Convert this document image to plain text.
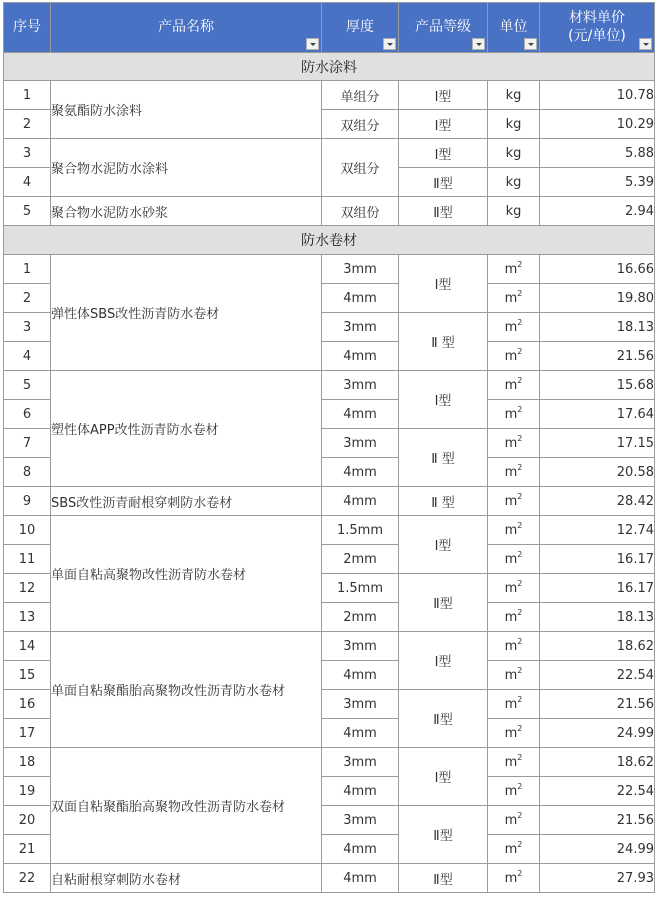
序号	产品名称	厚度	产品等级	单位	材料单价
(元/单位)

防水涂料					
1	聚氨酯防水涂料	单组分	Ⅰ型	kg	10.78
2		双组分	Ⅰ型	kg	10.29
3	聚合物水泥防水涂料	双组分	Ⅰ型	kg	5.88
4			Ⅱ型	kg	5.39
5	聚合物水泥防水砂浆	双组份	Ⅱ型	kg	2.94
防水卷材					
1	弹性体SBS改性沥青防水卷材	3mm	Ⅰ型	$m^2$	16.66
2		4mm		$m^2$	19.80
3		3mm	Ⅱ 型	$m^2$	18.13
4		4mm		$m^2$	21.56
5	塑性体APP改性沥青防水卷材	3mm	Ⅰ型	$m^2$	15.68
6		4mm		$m^2$	17.64
7		3mm	Ⅱ 型	$m^2$	17.15
8		4mm		$m^2$	20.58
9	SBS改性沥青耐根穿刺防水卷材	4mm	Ⅱ 型	$m^2$	28.42
10	单面自粘高聚物改性沥青防水卷材	1.5mm	Ⅰ型	$m^2$	12.74
11		2mm		$m^2$	16.17
12		1.5mm	Ⅱ型	$m^2$	16.17
13		2mm		$m^2$	18.13
14	单面自粘聚酯胎高聚物改性沥青防水卷材	3mm	Ⅰ型	$m^2$	18.62
15		4mm		$m^2$	22.54
16		3mm	Ⅱ型	$m^2$	21.56
17		4mm		$m^2$	24.99
18	双面自粘聚酯胎高聚物改性沥青防水卷材	3mm	Ⅰ型	$m^2$	18.62
19		4mm		$m^2$	22.54
20		3mm	Ⅱ型	$m^2$	21.56
21		4mm		$m^2$	24.99
22	自粘耐根穿刺防水卷材	4mm	Ⅱ型	$m^2$	27.93
